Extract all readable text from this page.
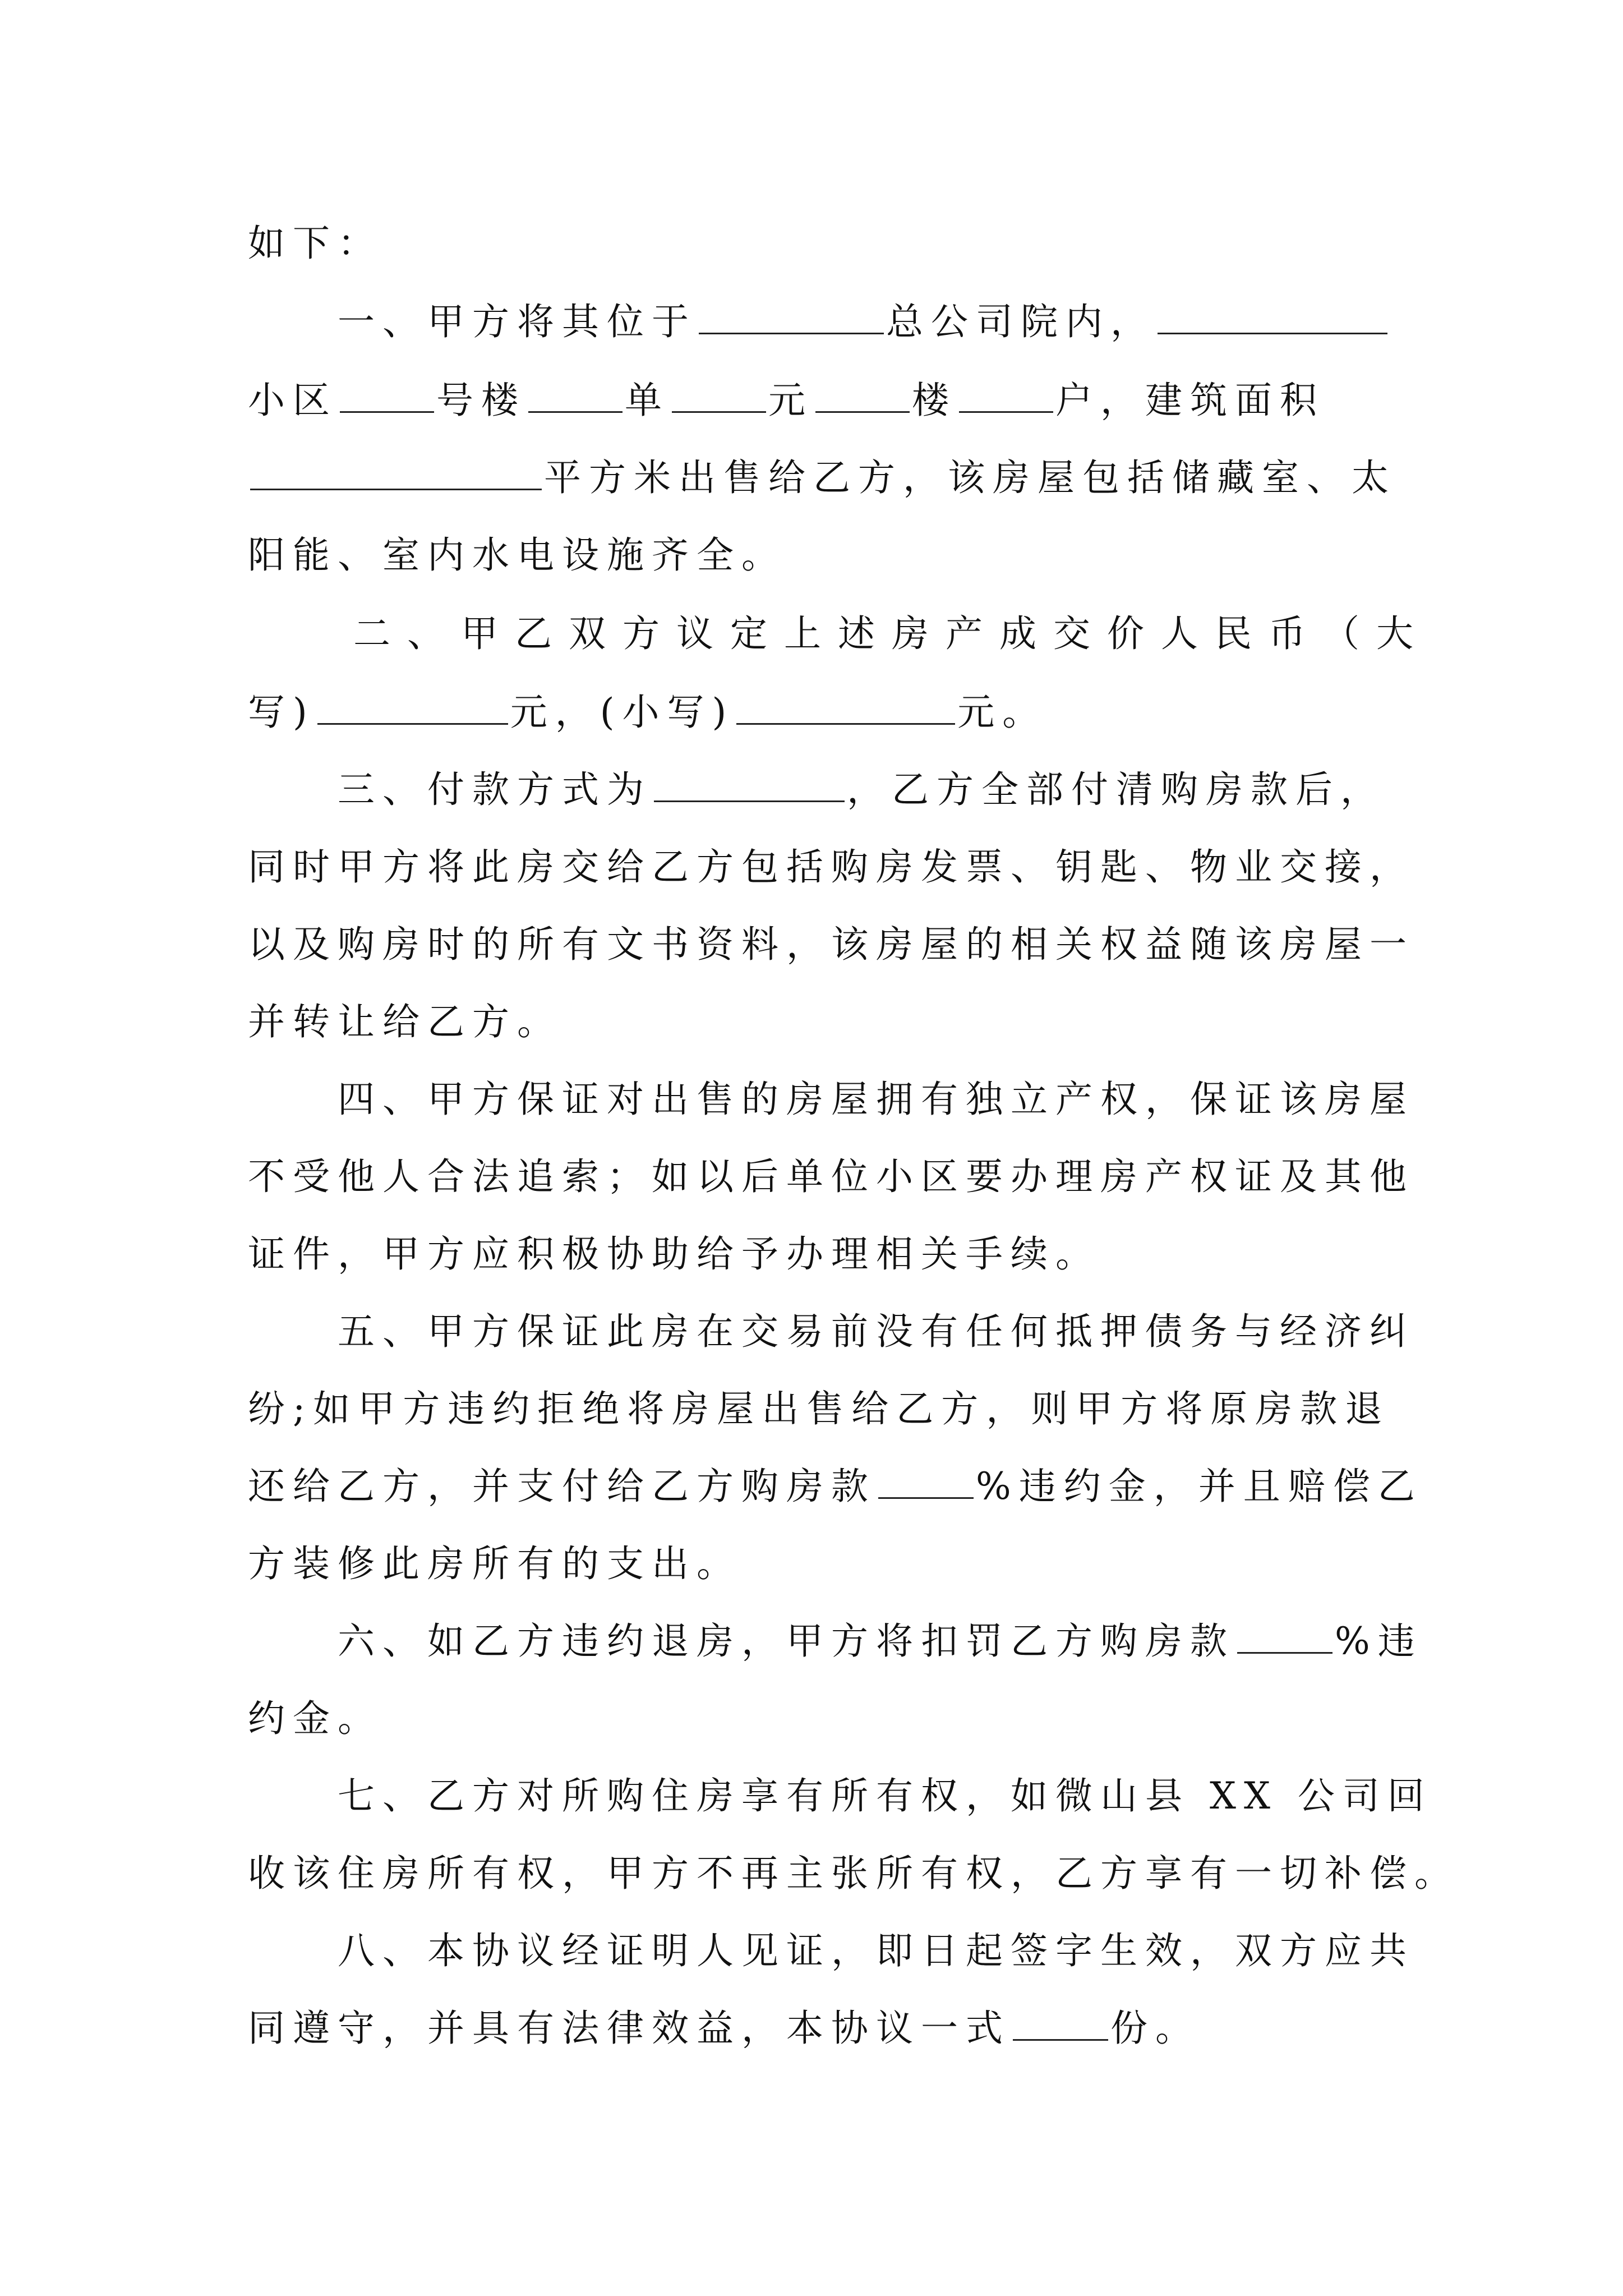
如下：
一、甲方将其位于	总公司院内，
小区	号楼	单	元	楼	户，建筑面积
平方米出售给乙方，该房屋包括储藏室、太
阳能、室内水电设施齐全。
二、甲乙双方议定上述房产成交价人民币（大
写)	元，(小写)	元。
三、付款方式为	，乙方全部付清购房款后，
同时甲方将此房交给乙方包括购房发票、钥匙、物业交接，
以及购房时的所有文书资料，该房屋的相关权益随该房屋一
并转让给乙方。
四、甲方保证对出售的房屋拥有独立产权，保证该房屋
不受他人合法追索；如以后单位小区要办理房产权证及其他
证件，甲方应积极协助给予办理相关手续。
五、甲方保证此房在交易前没有任何抵押债务与经济纠
纷;如甲方违约拒绝将房屋出售给乙方，则甲方将原房款退
还给乙方，并支付给乙方购房款	%违约金，并且赔偿乙
方装修此房所有的支出。
六、如乙方违约退房，甲方将扣罚乙方购房款	%违
约金。
七、乙方对所购住房享有所有权，如微山县 XX 公司回
收该住房所有权，甲方不再主张所有权，乙方享有一切补偿。
八、本协议经证明人见证，即日起签字生效，双方应共
同遵守，并具有法律效益，本协议一式	份。
